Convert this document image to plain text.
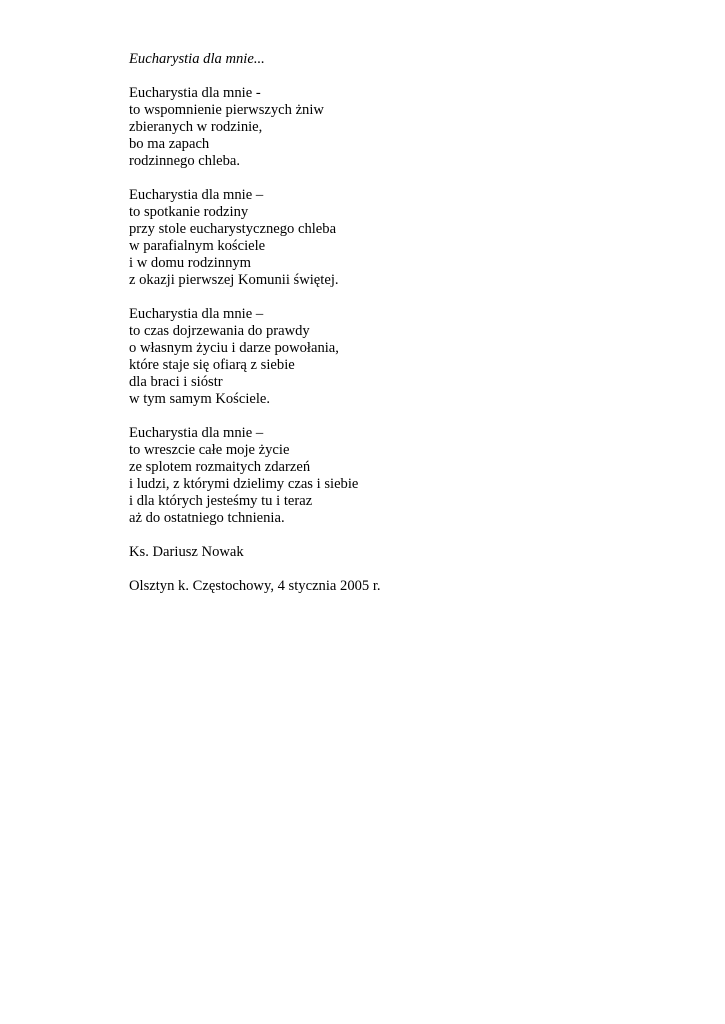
Eucharystia dla mnie...
Eucharystia dla mnie -
to wspomnienie pierwszych żniw
zbieranych w rodzinie,
bo ma zapach
rodzinnego chleba.
Eucharystia dla mnie –
to spotkanie rodziny
przy stole eucharystycznego chleba
w parafialnym kościele
i w domu rodzinnym
z okazji pierwszej Komunii świętej.
Eucharystia dla mnie –
to czas dojrzewania do prawdy
o własnym życiu i darze powołania,
które staje się ofiarą z siebie
dla braci i sióstr
w tym samym Kościele.
Eucharystia dla mnie –
to wreszcie całe moje życie
ze splotem rozmaitych zdarzeń
i ludzi, z którymi dzielimy czas i siebie
i dla których jesteśmy tu i teraz
aż do ostatniego tchnienia.
Ks. Dariusz Nowak
Olsztyn k. Częstochowy, 4 stycznia 2005 r.
